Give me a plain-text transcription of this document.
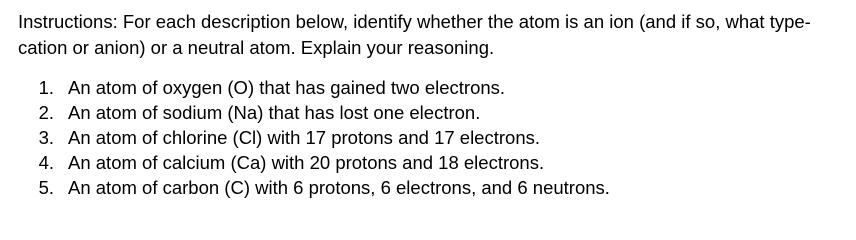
Instructions: For each description below, identify whether the atom is an ion (and if so, what type- cation or anion) or a neutral atom. Explain your reasoning.

1. An atom of oxygen (O) that has gained two electrons.
2. An atom of sodium (Na) that has lost one electron.
3. An atom of chlorine (Cl) with 17 protons and 17 electrons.
4. An atom of calcium (Ca) with 20 protons and 18 electrons.
5. An atom of carbon (C) with 6 protons, 6 electrons, and 6 neutrons.
